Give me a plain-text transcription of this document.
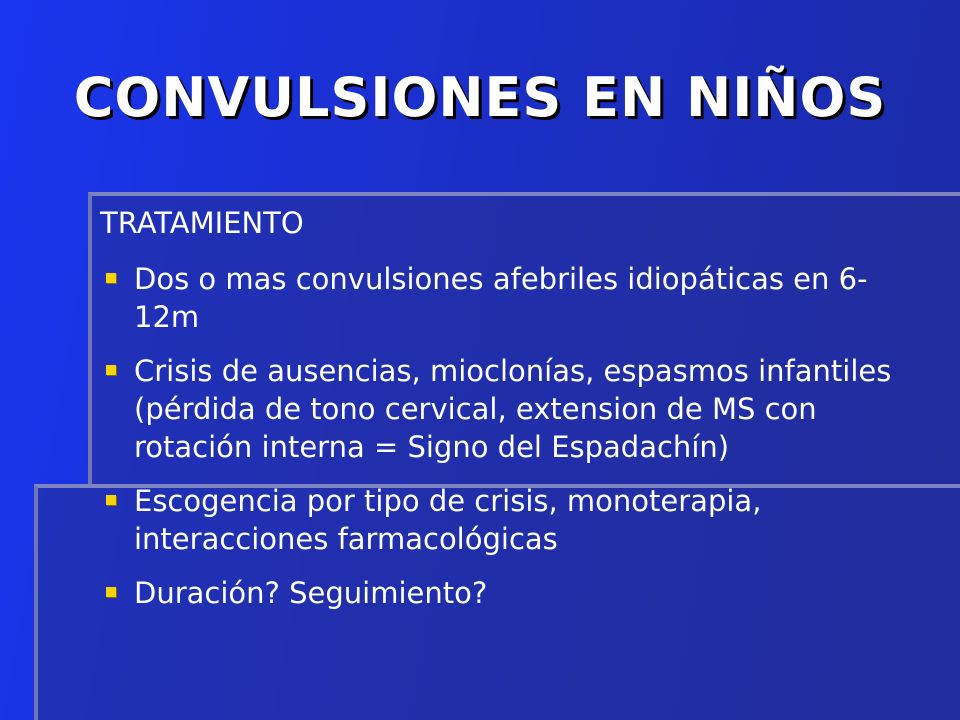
CONVULSIONES EN NIÑOS

TRATAMIENTO

Dos o mas convulsiones afebriles idiopáticas en 6-12m
Crisis de ausencias, mioclonías, espasmos infantiles (pérdida de tono cervical, extension de MS con rotación interna = Signo del Espadachín)
Escogencia por tipo de crisis, monoterapia, interacciones farmacológicas
Duración? Seguimiento?
